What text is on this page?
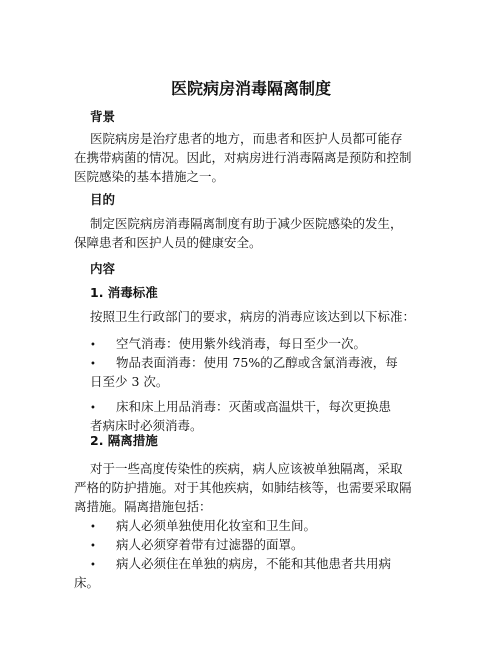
医院病房消毒隔离制度
背景
医院病房是治疗患者的地方，而患者和医护人员都可能存
在携带病菌的情况。因此，对病房进行消毒隔离是预防和控制
医院感染的基本措施之一。
目的
制定医院病房消毒隔离制度有助于减少医院感染的发生，
保障患者和医护人员的健康安全。
内容
1. 消毒标准
按照卫生行政部门的要求，病房的消毒应该达到以下标准：
• 空气消毒：使用紫外线消毒，每日至少一次。
• 物品表面消毒：使用 75%的乙醇或含氯消毒液，每
日至少 3 次。
• 床和床上用品消毒：灭菌或高温烘干，每次更换患
者病床时必须消毒。
2. 隔离措施
对于一些高度传染性的疾病，病人应该被单独隔离，采取
严格的防护措施。对于其他疾病，如肺结核等，也需要采取隔
离措施。隔离措施包括：
• 病人必须单独使用化妆室和卫生间。
• 病人必须穿着带有过滤器的面罩。
• 病人必须住在单独的病房，不能和其他患者共用病
床。
